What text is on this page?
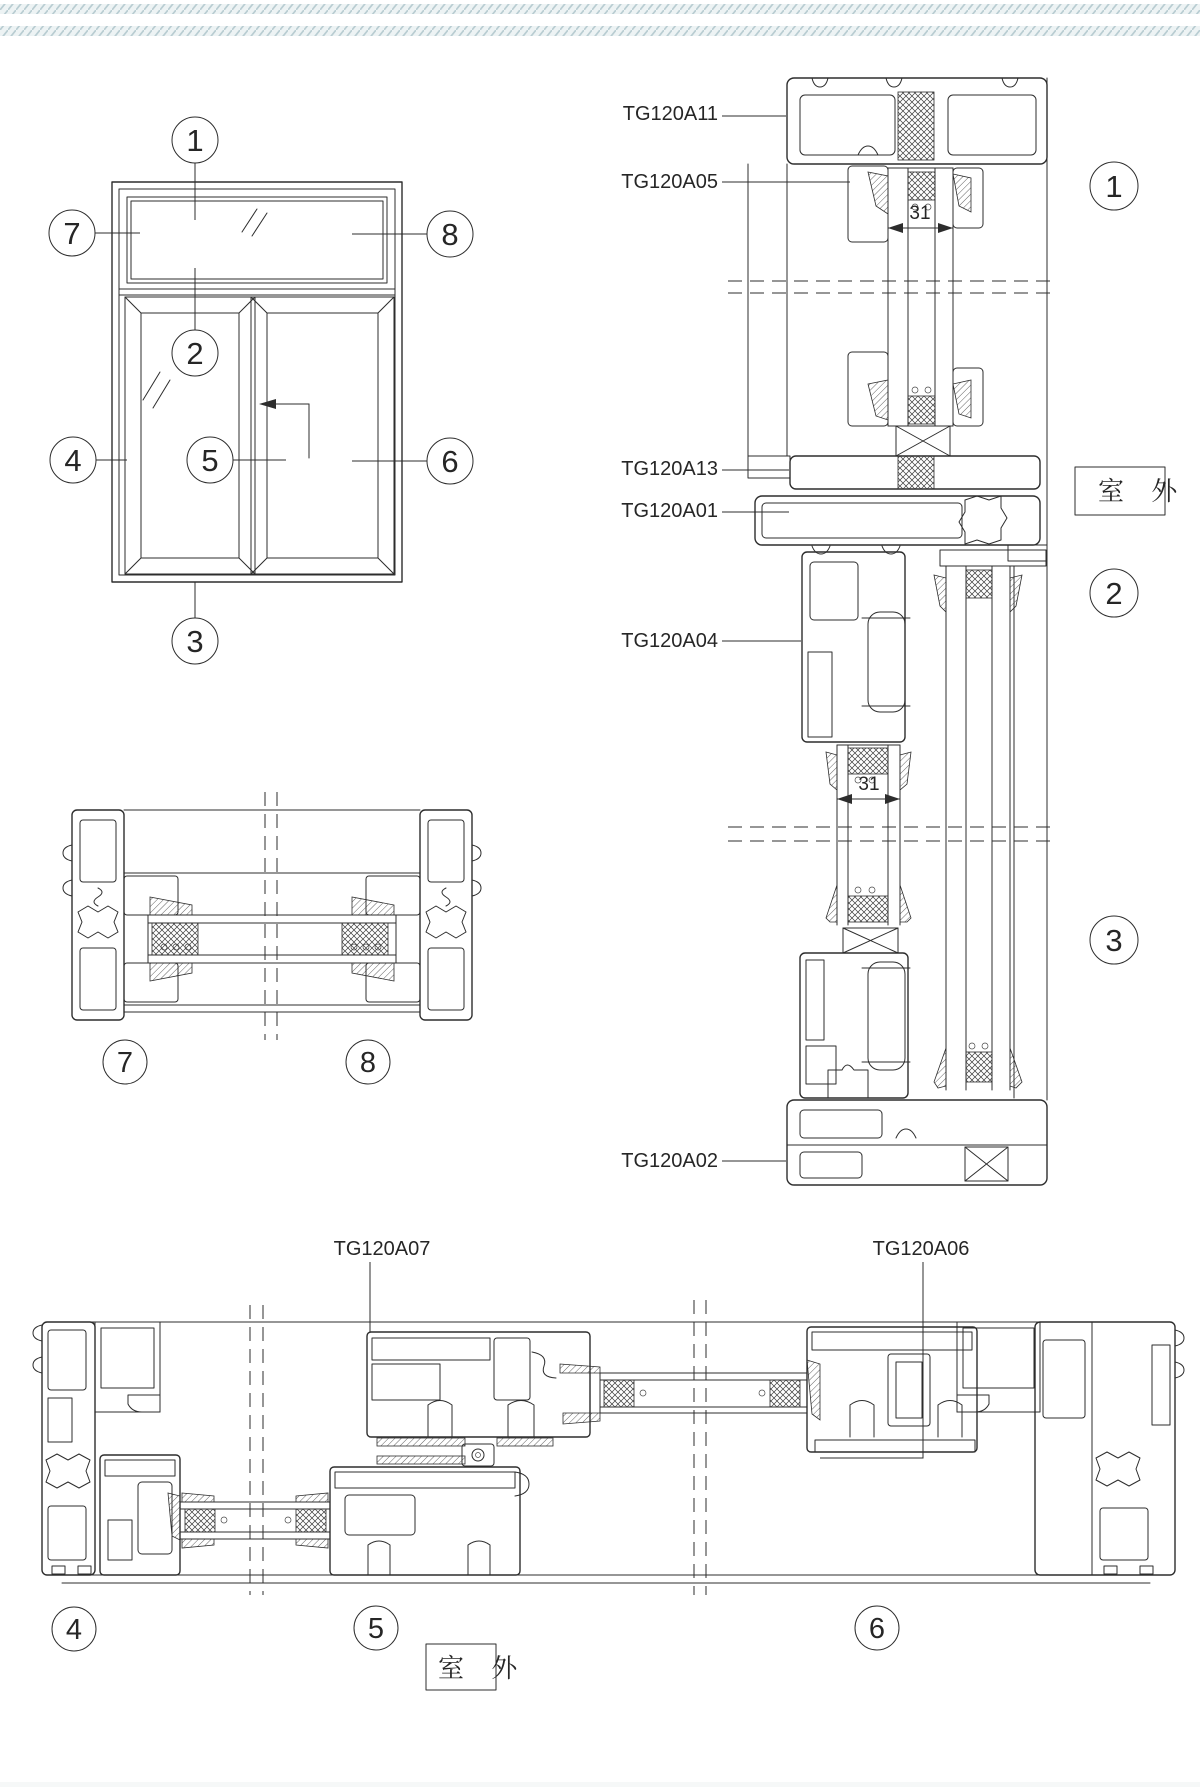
1
2
3
4	5	6
7	8
7	8
31
31
TG120A11
TG120A05
TG120A13
TG120A01
TG120A04
TG120A02
室 外
1
2
3
TG120A07	TG120A06
4	5	6
室 外
